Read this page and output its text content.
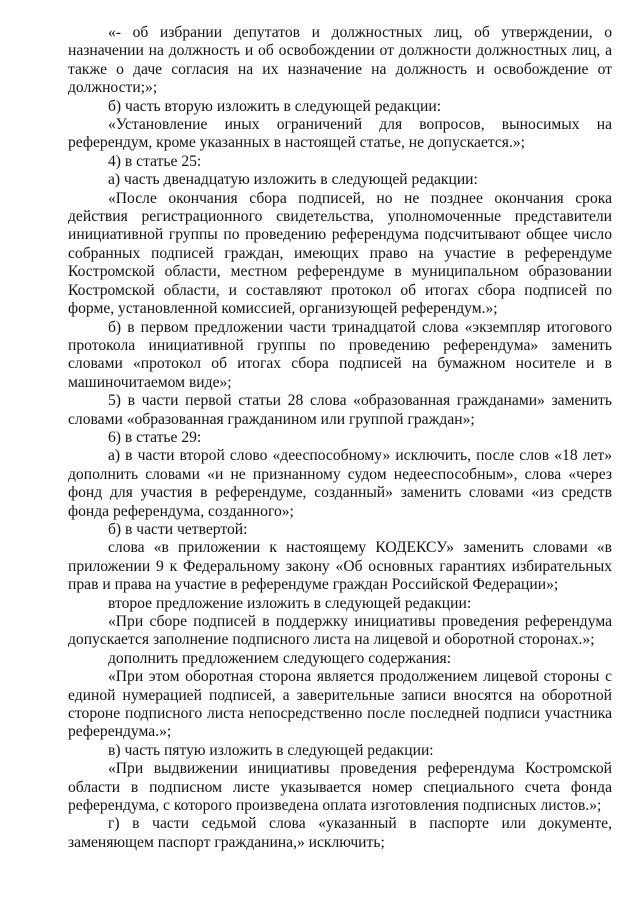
«- об избрании депутатов и должностных лиц, об утверждении, о назначении на должность и об освобождении от должности должностных лиц, а также о даче согласия на их назначение на должность и освобождение от должности;»;

б) часть вторую изложить в следующей редакции:

«Установление иных ограничений для вопросов, выносимых на референдум, кроме указанных в настоящей статье, не допускается.»;

4) в статье 25:

а) часть двенадцатую изложить в следующей редакции:

«После окончания сбора подписей, но не позднее окончания срока действия регистрационного свидетельства, уполномоченные представители инициативной группы по проведению референдума подсчитывают общее число собранных подписей граждан, имеющих право на участие в референдуме Костромской области, местном референдуме в муниципальном образовании Костромской области, и составляют протокол об итогах сбора подписей по форме, установленной комиссией, организующей референдум.»;

б) в первом предложении части тринадцатой слова «экземпляр итогового протокола инициативной группы по проведению референдума» заменить словами «протокол об итогах сбора подписей на бумажном носителе и в машиночитаемом виде»;

5) в части первой статьи 28 слова «образованная гражданами» заменить словами «образованная гражданином или группой граждан»;

6) в статье 29:

а) в части второй слово «дееспособному» исключить, после слов «18 лет» дополнить словами «и не признанному судом недееспособным», слова «через фонд для участия в референдуме, созданный» заменить словами «из средств фонда референдума, созданного»;

б) в части четвертой:

слова «в приложении к настоящему КОДЕКСУ» заменить словами «в приложении 9 к Федеральному закону «Об основных гарантиях избирательных прав и права на участие в референдуме граждан Российской Федерации»;

второе предложение изложить в следующей редакции:

«При сборе подписей в поддержку инициативы проведения референдума допускается заполнение подписного листа на лицевой и оборотной сторонах.»;

дополнить предложением следующего содержания:

«При этом оборотная сторона является продолжением лицевой стороны с единой нумерацией подписей, а заверительные записи вносятся на оборотной стороне подписного листа непосредственно после последней подписи участника референдума.»;

в) часть пятую изложить в следующей редакции:

«При выдвижении инициативы проведения референдума Костромской области в подписном листе указывается номер специального счета фонда референдума, с которого произведена оплата изготовления подписных листов.»;

г) в части седьмой слова «указанный в паспорте или документе, заменяющем паспорт гражданина,» исключить;
